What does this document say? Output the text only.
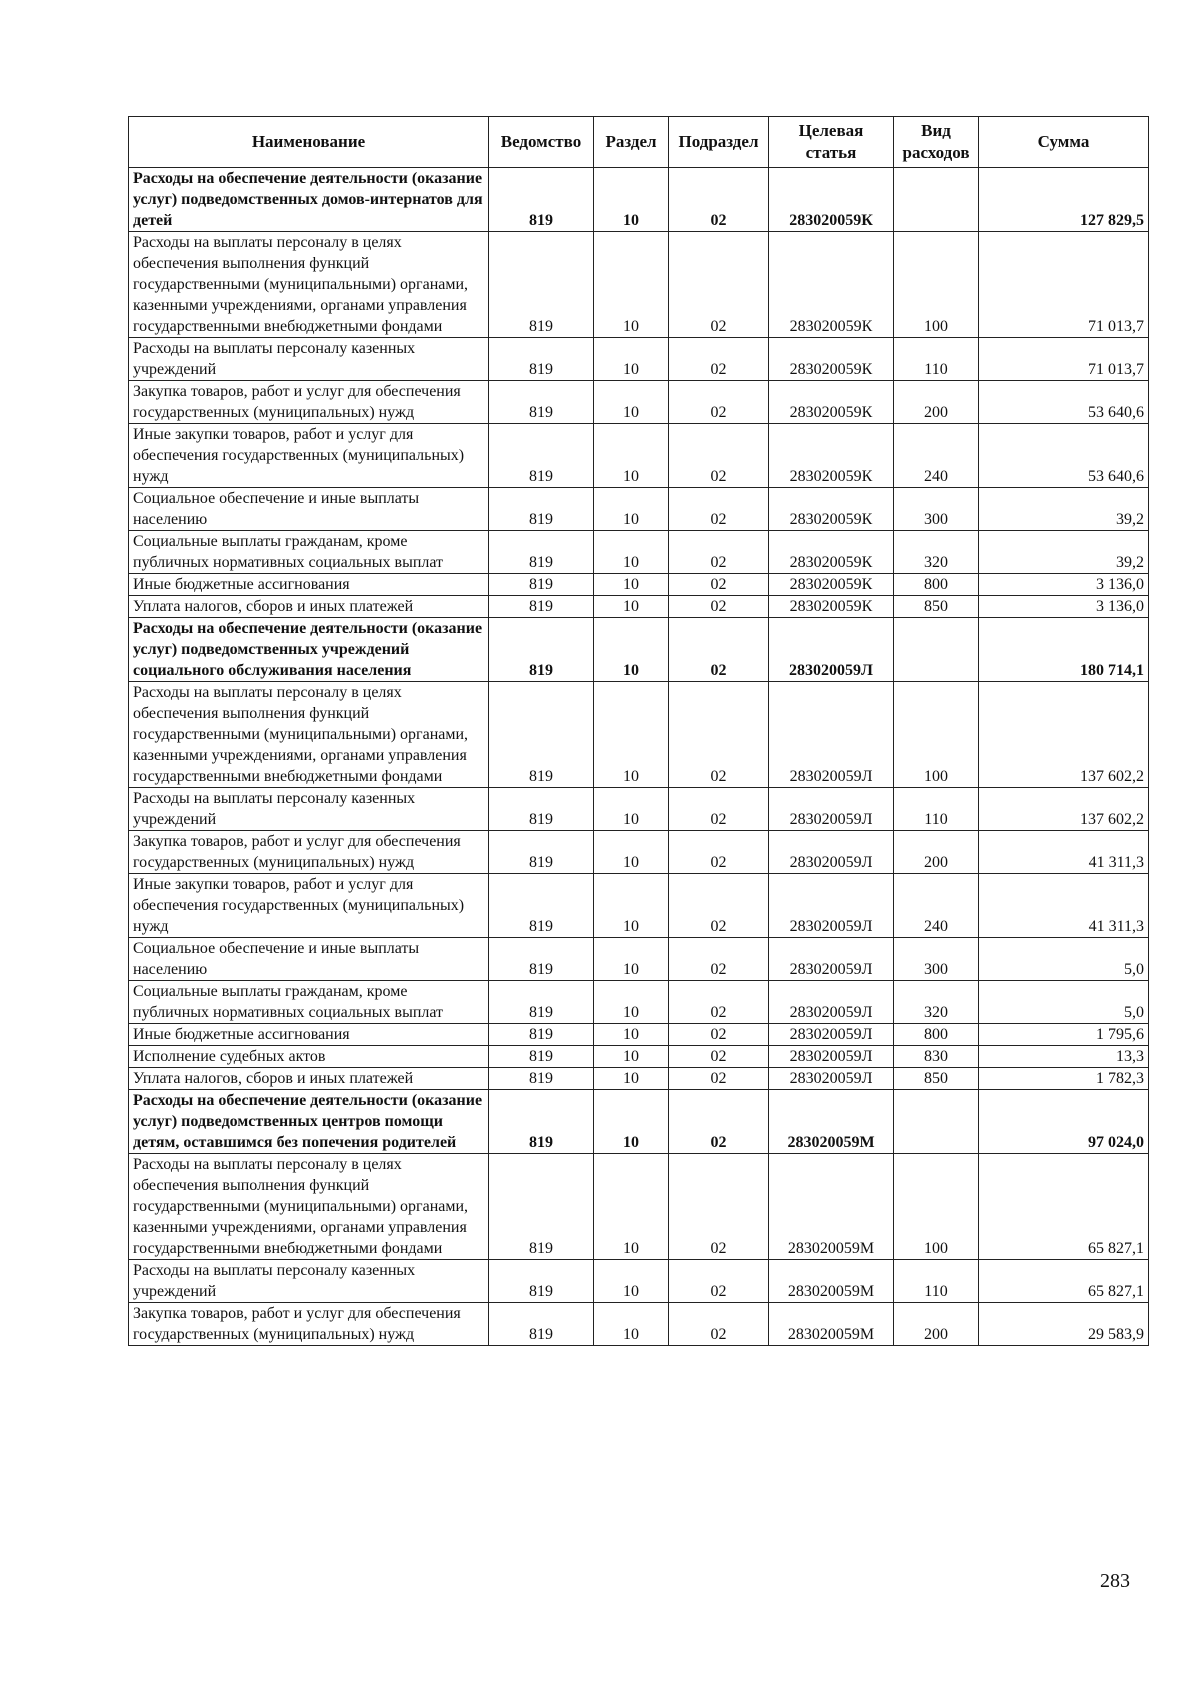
Наименование	Ведомство	Раздел	Подраздел	Целевая статья	Вид расходов	Сумма
Расходы на обеспечение деятельности (оказание услуг) подведомственных домов-интернатов для детей	819	10	02	283020059К		127 829,5
Расходы на выплаты персоналу в целях обеспечения выполнения функций государственными (муниципальными) органами, казенными учреждениями, органами управления государственными внебюджетными фондами	819	10	02	283020059К	100	71 013,7
Расходы на выплаты персоналу казенных учреждений	819	10	02	283020059К	110	71 013,7
Закупка товаров, работ и услуг для обеспечения государственных (муниципальных) нужд	819	10	02	283020059К	200	53 640,6
Иные закупки товаров, работ и услуг для обеспечения государственных (муниципальных) нужд	819	10	02	283020059К	240	53 640,6
Социальное обеспечение и иные выплаты населению	819	10	02	283020059К	300	39,2
Социальные выплаты гражданам, кроме публичных нормативных социальных выплат	819	10	02	283020059К	320	39,2
Иные бюджетные ассигнования	819	10	02	283020059К	800	3 136,0
Уплата налогов, сборов и иных платежей	819	10	02	283020059К	850	3 136,0
Расходы на обеспечение деятельности (оказание услуг) подведомственных учреждений социального обслуживания населения	819	10	02	283020059Л		180 714,1
Расходы на выплаты персоналу в целях обеспечения выполнения функций государственными (муниципальными) органами, казенными учреждениями, органами управления государственными внебюджетными фондами	819	10	02	283020059Л	100	137 602,2
Расходы на выплаты персоналу казенных учреждений	819	10	02	283020059Л	110	137 602,2
Закупка товаров, работ и услуг для обеспечения государственных (муниципальных) нужд	819	10	02	283020059Л	200	41 311,3
Иные закупки товаров, работ и услуг для обеспечения государственных (муниципальных) нужд	819	10	02	283020059Л	240	41 311,3
Социальное обеспечение и иные выплаты населению	819	10	02	283020059Л	300	5,0
Социальные выплаты гражданам, кроме публичных нормативных социальных выплат	819	10	02	283020059Л	320	5,0
Иные бюджетные ассигнования	819	10	02	283020059Л	800	1 795,6
Исполнение судебных актов	819	10	02	283020059Л	830	13,3
Уплата налогов, сборов и иных платежей	819	10	02	283020059Л	850	1 782,3
Расходы на обеспечение деятельности (оказание услуг) подведомственных центров помощи детям, оставшимся без попечения родителей	819	10	02	283020059М		97 024,0
Расходы на выплаты персоналу в целях обеспечения выполнения функций государственными (муниципальными) органами, казенными учреждениями, органами управления государственными внебюджетными фондами	819	10	02	283020059М	100	65 827,1
Расходы на выплаты персоналу казенных учреждений	819	10	02	283020059М	110	65 827,1
Закупка товаров, работ и услуг для обеспечения государственных (муниципальных) нужд	819	10	02	283020059М	200	29 583,9
283
